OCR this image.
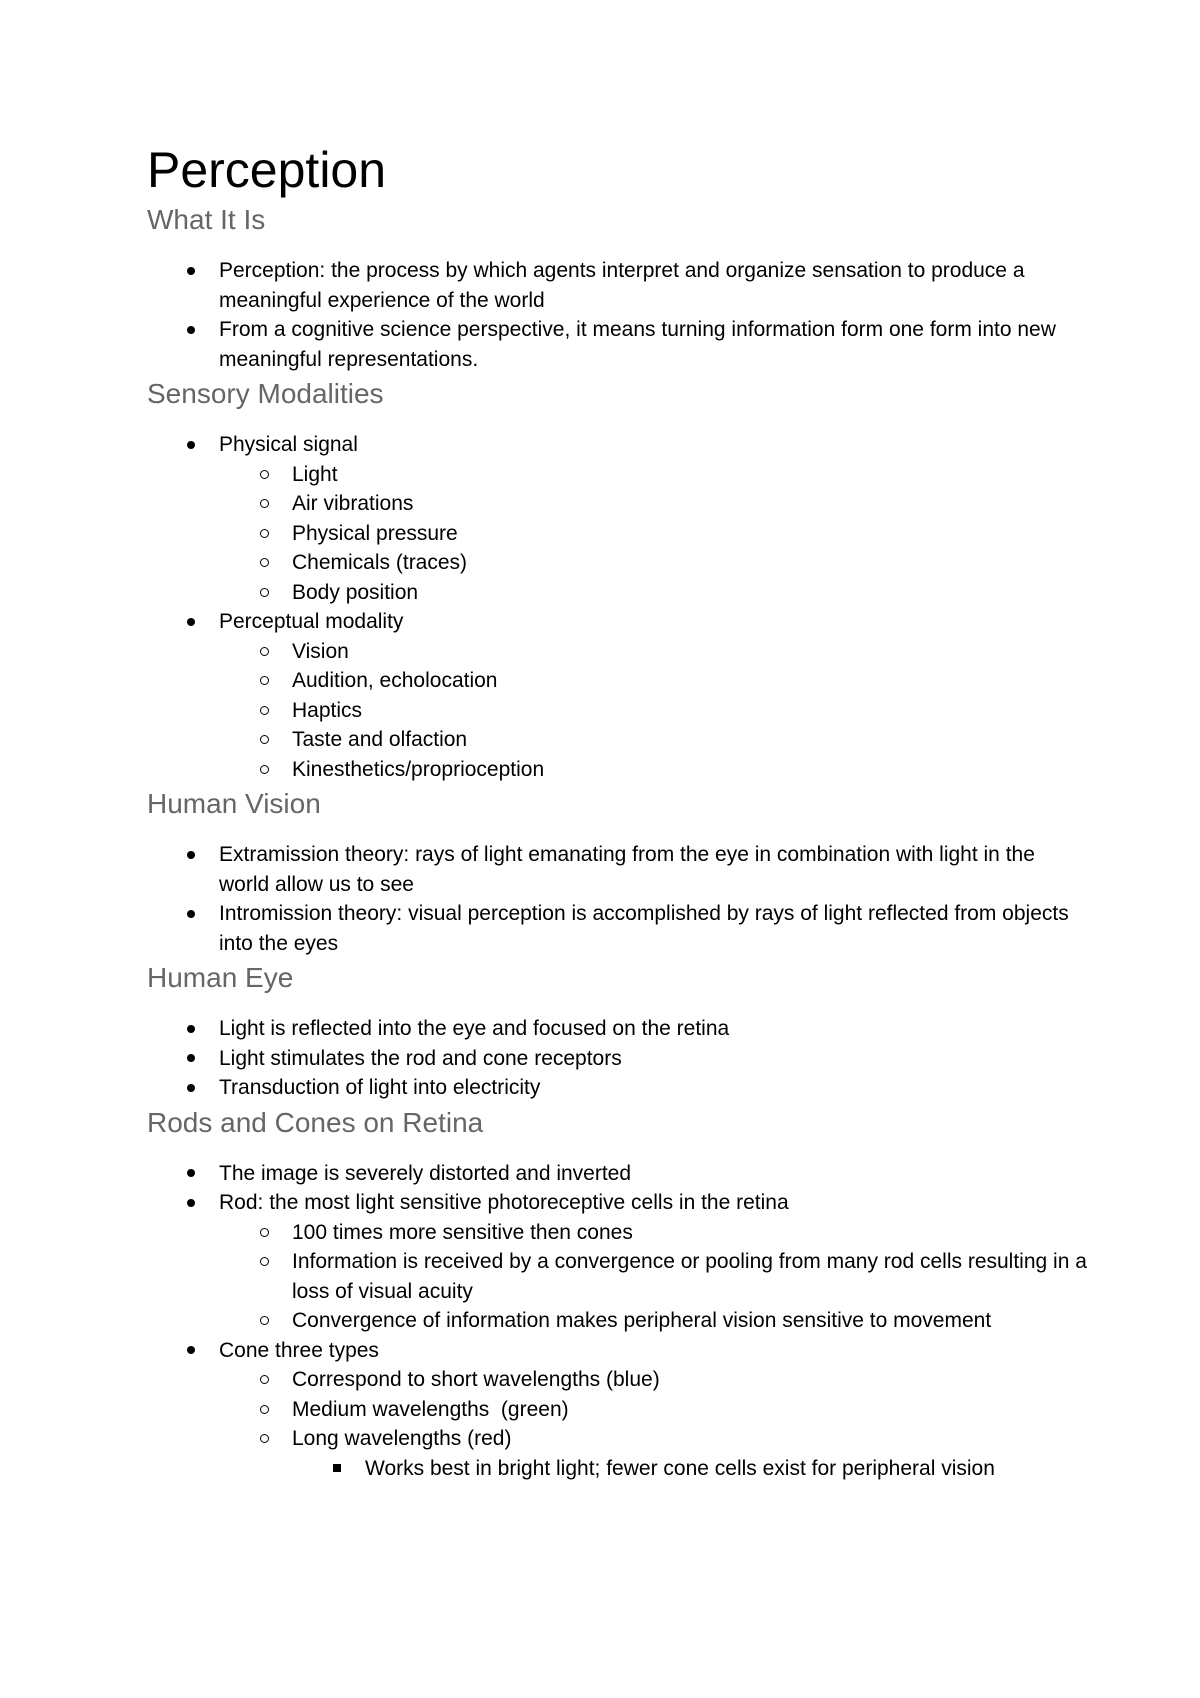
Perception
What It Is
Perception: the process by which agents interpret and organize sensation to produce a meaningful experience of the world
From a cognitive science perspective, it means turning information form one form into new meaningful representations.
Sensory Modalities
Physical signal
Light
Air vibrations
Physical pressure
Chemicals (traces)
Body position
Perceptual modality
Vision
Audition, echolocation
Haptics
Taste and olfaction
Kinesthetics/proprioception
Human Vision
Extramission theory: rays of light emanating from the eye in combination with light in the world allow us to see
Intromission theory: visual perception is accomplished by rays of light reflected from objects into the eyes
Human Eye
Light is reflected into the eye and focused on the retina
Light stimulates the rod and cone receptors
Transduction of light into electricity
Rods and Cones on Retina
The image is severely distorted and inverted
Rod: the most light sensitive photoreceptive cells in the retina
100 times more sensitive then cones
Information is received by a convergence or pooling from many rod cells resulting in a loss of visual acuity
Convergence of information makes peripheral vision sensitive to movement
Cone three types
Correspond to short wavelengths (blue)
Medium wavelengths  (green)
Long wavelengths (red)
Works best in bright light; fewer cone cells exist for peripheral vision
